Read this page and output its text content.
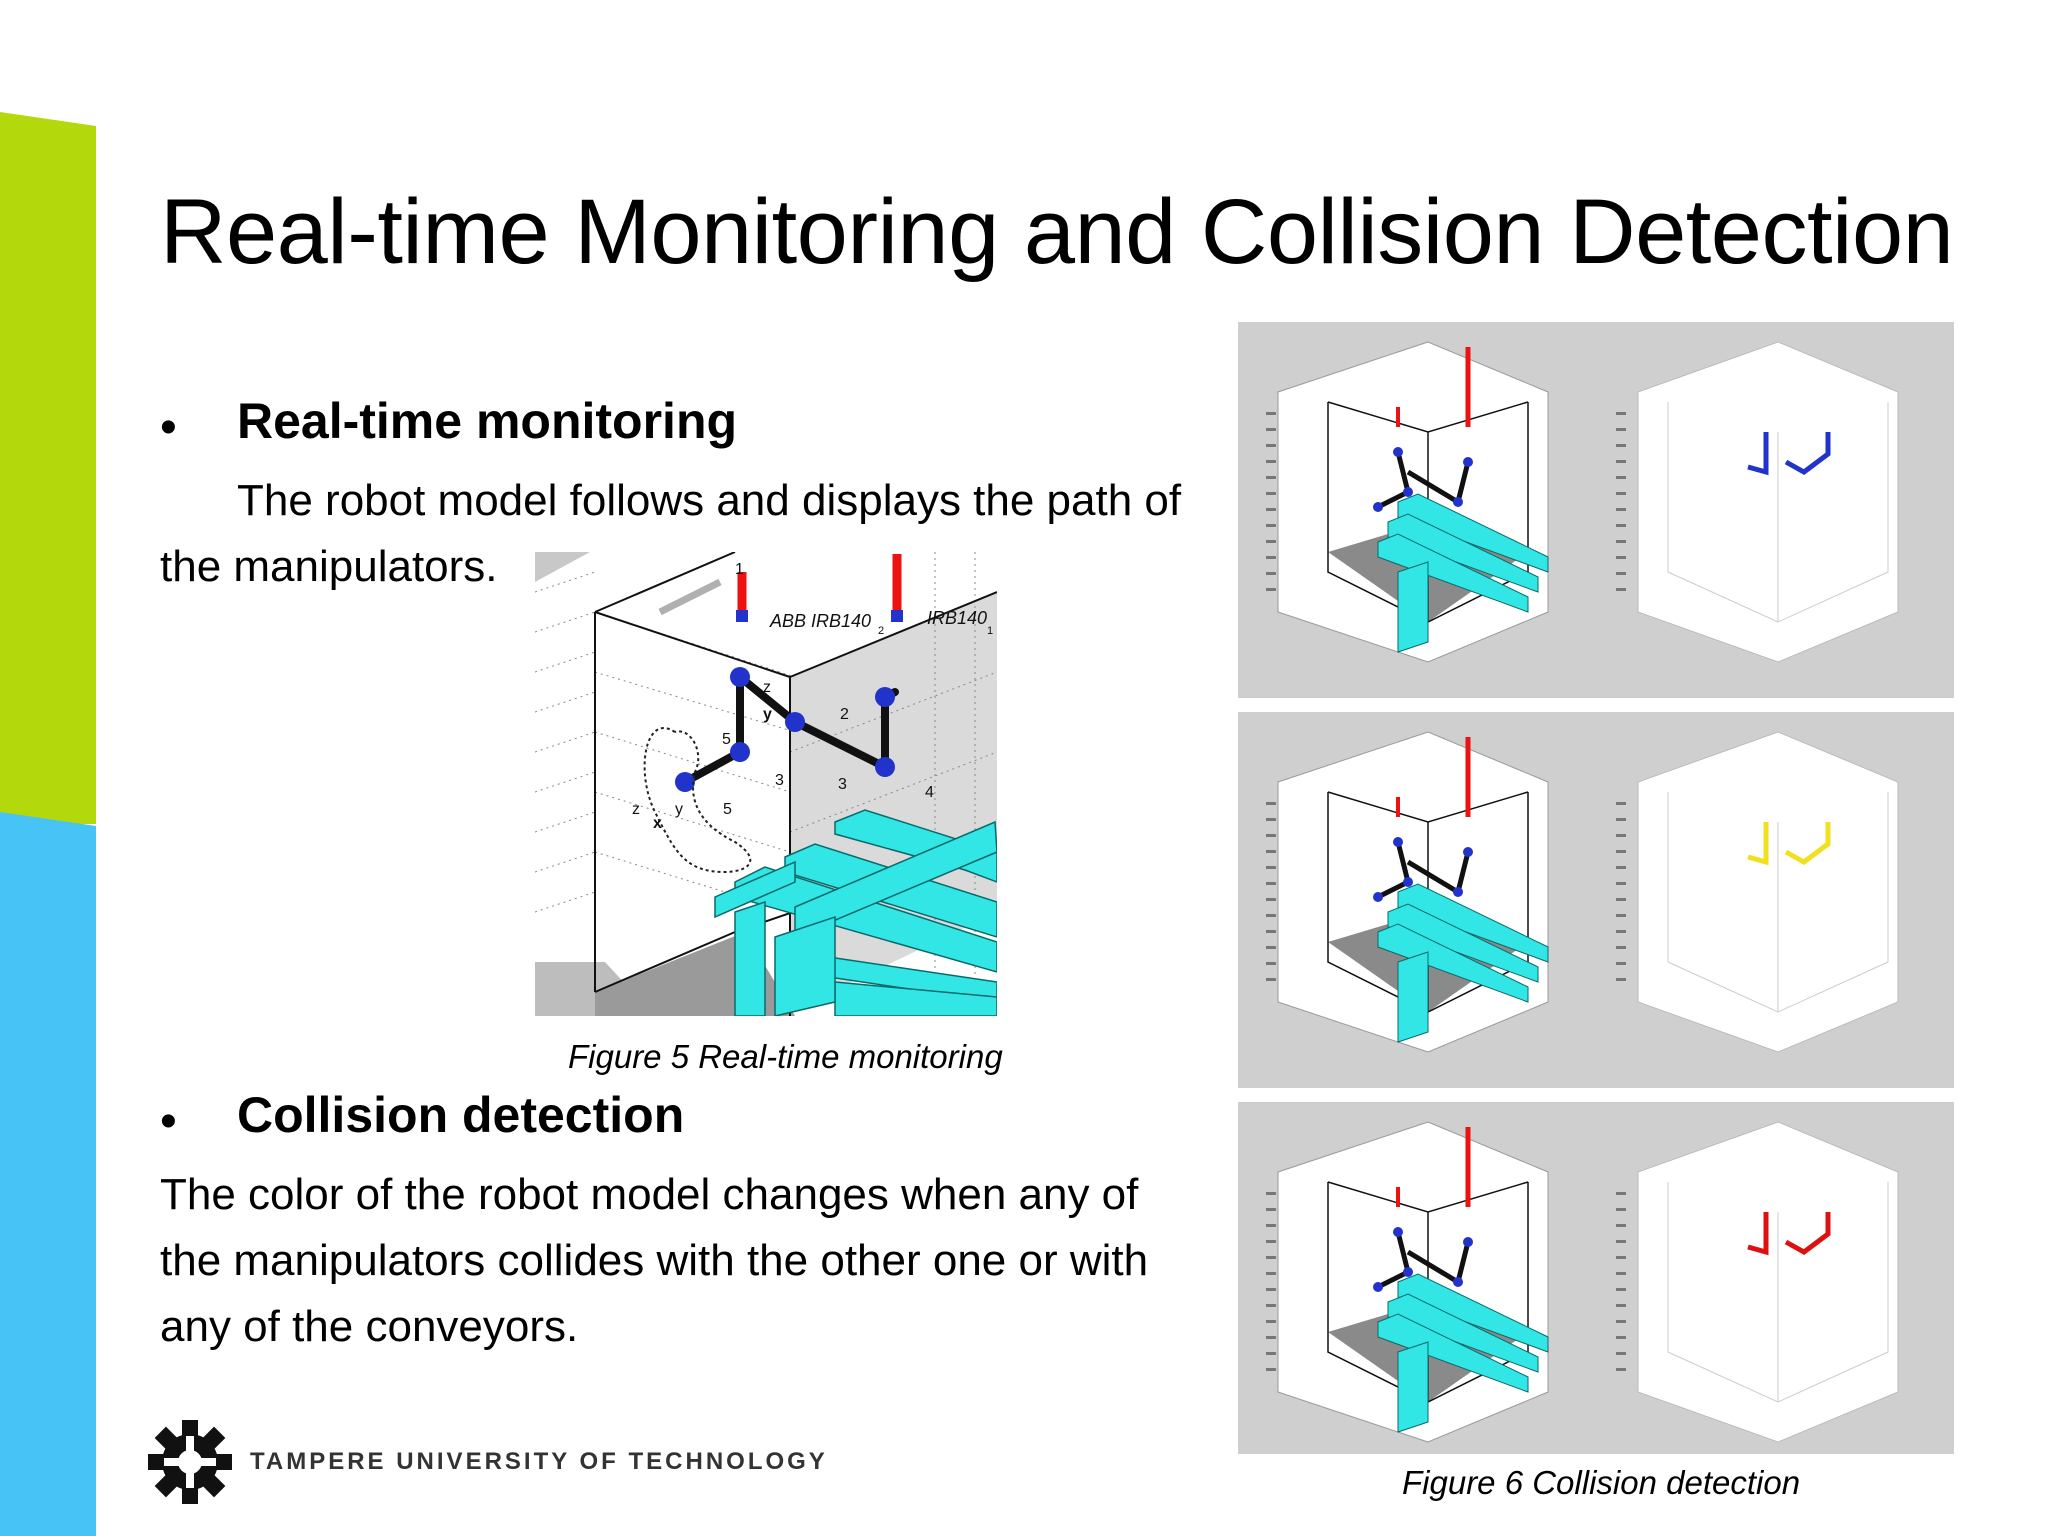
Real-time Monitoring and Collision Detection
• Real-time monitoring
The robot model follows and displays the path of
the manipulators.	1
ABB IRB140 2
IRB140
1
2
3	3	4
5
5
z
y
z y
x
Figure 5 Real-time monitoring
• Collision detection
The color of the robot model changes when any of
the manipulators collides with the other one or with
any of the conveyors.
Figure 6 Collision detection
TAMPERE UNIVERSITY OF TECHNOLOGY
